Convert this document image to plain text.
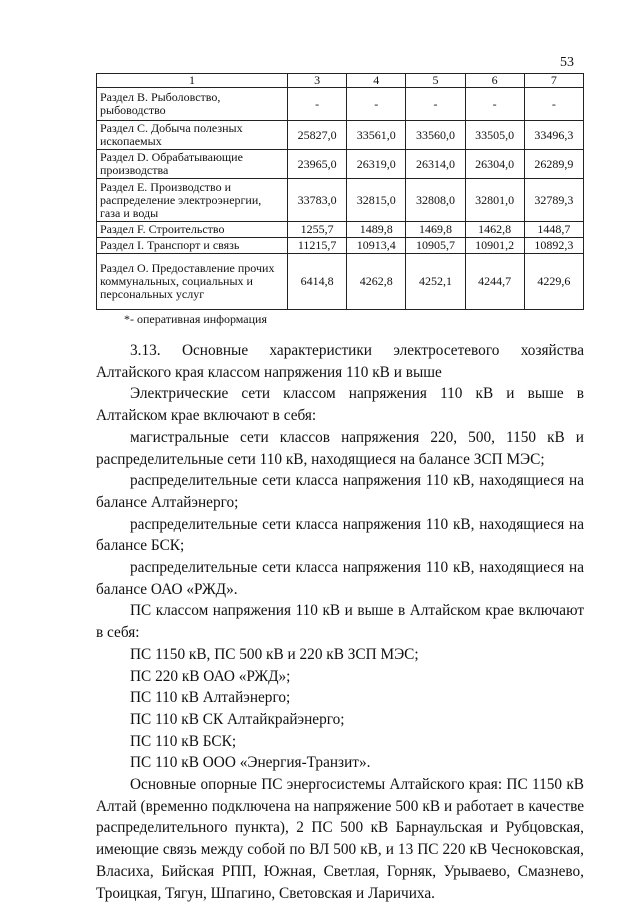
53
1	3	4	5	6	7
Раздел В. Рыболовство, рыбоводство	-	-	-	-	-
Раздел С. Добыча полезных ископаемых	25827,0	33561,0	33560,0	33505,0	33496,3
Раздел D. Обрабатывающие производства	23965,0	26319,0	26314,0	26304,0	26289,9
Раздел Е. Производство и распределение электроэнергии, газа и воды	33783,0	32815,0	32808,0	32801,0	32789,3
Раздел F. Строительство	1255,7	1489,8	1469,8	1462,8	1448,7
Раздел I. Транспорт и связь	11215,7	10913,4	10905,7	10901,2	10892,3
Раздел О. Предоставление прочих коммунальных, социальных и персональных услуг	6414,8	4262,8	4252,1	4244,7	4229,6
*- оперативная информация

3.13. Основные характеристики электросетевого хозяйства Алтайского края классом напряжения 110 кВ и выше

Электрические сети классом напряжения 110 кВ и выше в Алтайском крае включают в себя:

магистральные сети классов напряжения 220, 500, 1150 кВ и распределительные сети 110 кВ, находящиеся на балансе ЗСП МЭС;

распределительные сети класса напряжения 110 кВ, находящиеся на балансе Алтайэнерго;

распределительные сети класса напряжения 110 кВ, находящиеся на балансе БСК;

распределительные сети класса напряжения 110 кВ, находящиеся на балансе ОАО «РЖД».

ПС классом напряжения 110 кВ и выше в Алтайском крае включают в себя:

ПС 1150 кВ, ПС 500 кВ и 220 кВ ЗСП МЭС;

ПС 220 кВ ОАО «РЖД»;

ПС 110 кВ Алтайэнерго;

ПС 110 кВ СК Алтайкрайэнерго;

ПС 110 кВ БСК;

ПС 110 кВ ООО «Энергия-Транзит».

Основные опорные ПС энергосистемы Алтайского края: ПС 1150 кВ Алтай (временно подключена на напряжение 500 кВ и работает в качестве распределительного пункта), 2 ПС 500 кВ Барнаульская и Рубцовская, имеющие связь между собой по ВЛ 500 кВ, и 13 ПС 220 кВ Чесноковская, Власиха, Бийская РПП, Южная, Светлая, Горняк, Урываево, Смазнево, Троицкая, Тягун, Шпагино, Световская и Ларичиха.
